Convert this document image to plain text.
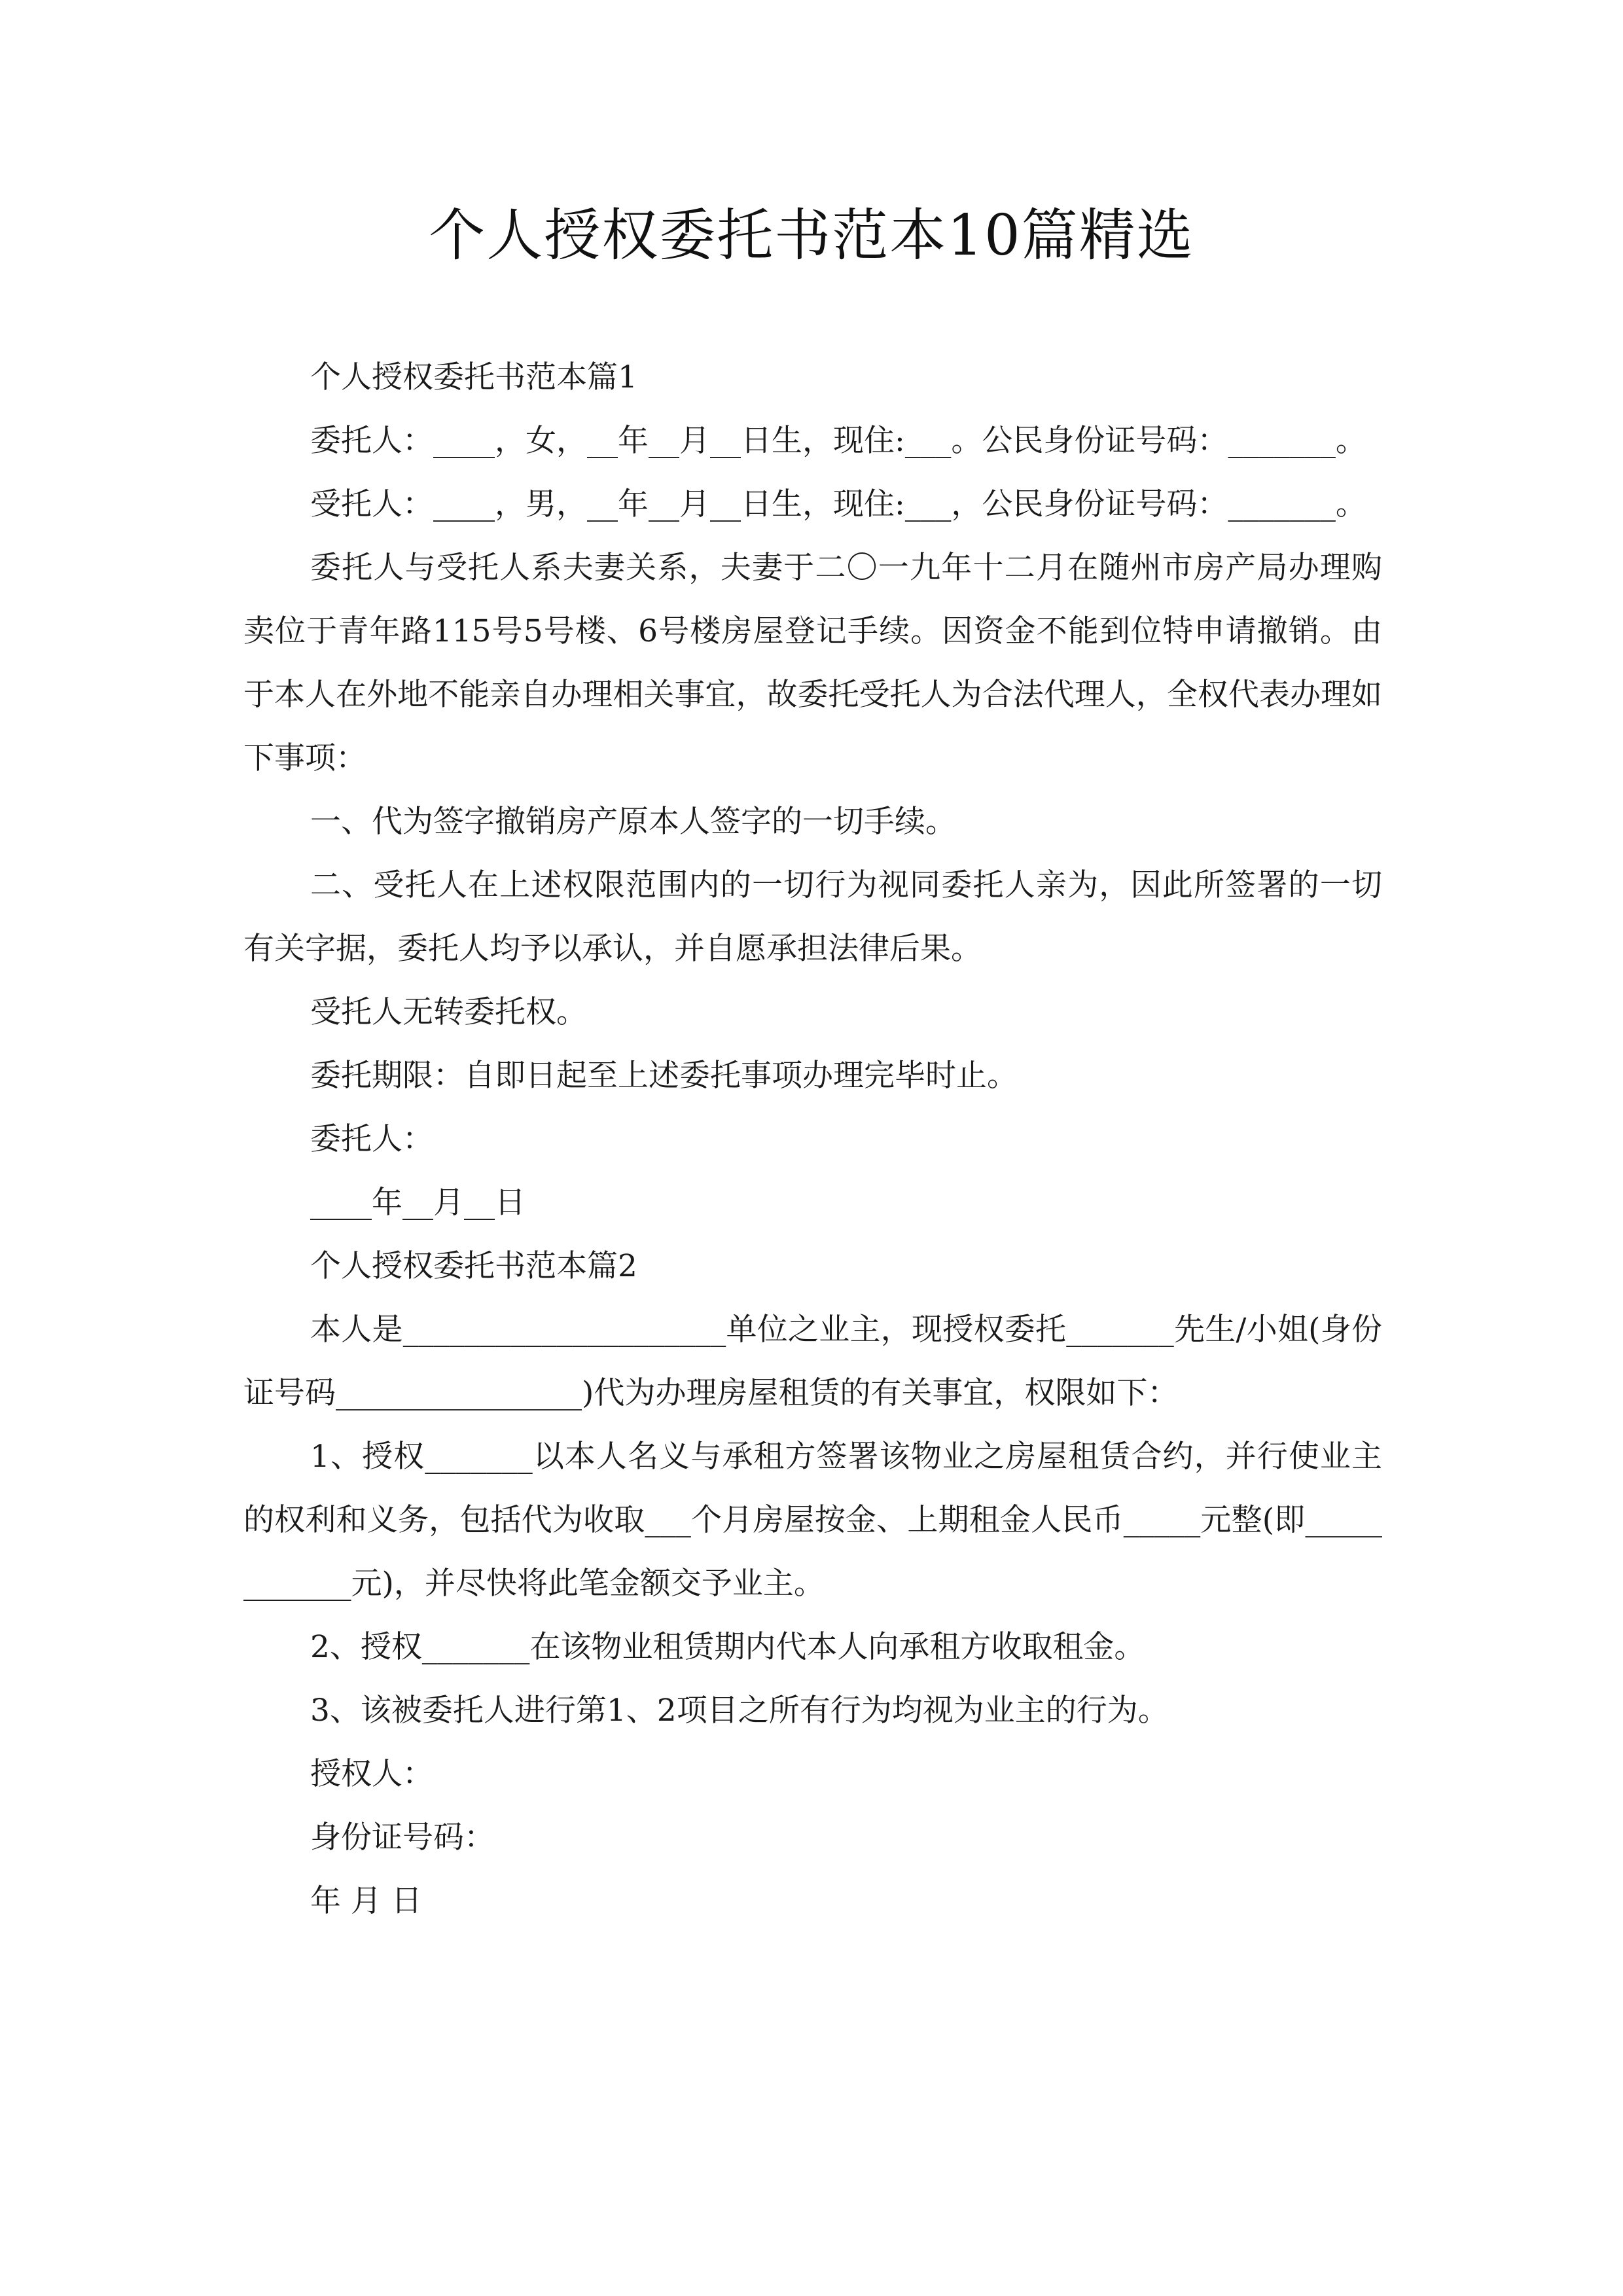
个人授权委托书范本10篇精选

个人授权委托书范本篇1

委托人：____，女，__年__月__日生，现住:___。公民身份证号码：_______。

受托人：____，男，__年__月__日生，现住:___，公民身份证号码：_______。

委托人与受托人系夫妻关系，夫妻于二〇一九年十二月在随州市房产局办理购卖位于青年路115号5号楼、6号楼房屋登记手续。因资金不能到位特申请撤销。由于本人在外地不能亲自办理相关事宜，故委托受托人为合法代理人，全权代表办理如下事项：

一、代为签字撤销房产原本人签字的一切手续。

二、受托人在上述权限范围内的一切行为视同委托人亲为，因此所签署的一切有关字据，委托人均予以承认，并自愿承担法律后果。

受托人无转委托权。

委托期限：自即日起至上述委托事项办理完毕时止。

委托人：

____年__月__日

个人授权委托书范本篇2

本人是_____________________单位之业主，现授权委托_______先生/小姐(身份证号码________________)代为办理房屋租赁的有关事宜，权限如下：

1、授权_______以本人名义与承租方签署该物业之房屋租赁合约，并行使业主的权利和义务，包括代为收取___个月房屋按金、上期租金人民币_____元整(即____________元)，并尽快将此笔金额交予业主。

2、授权_______在该物业租赁期内代本人向承租方收取租金。

3、该被委托人进行第1、2项目之所有行为均视为业主的行为。

授权人：

身份证号码：

年 月 日
